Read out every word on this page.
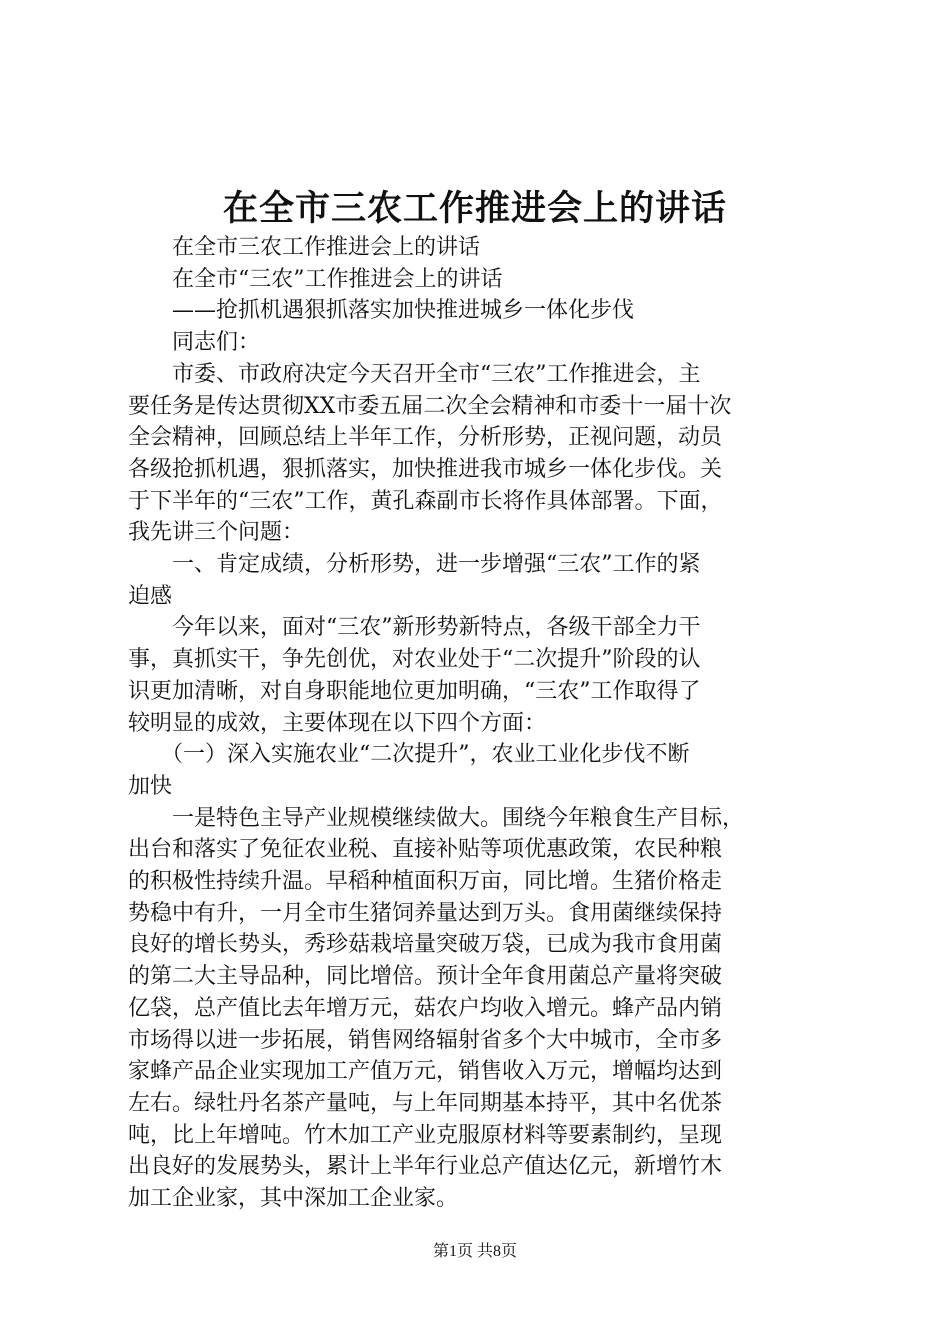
在全市三农工作推进会上的讲话
　　在全市三农工作推进会上的讲话
　　在全市“三农”工作推进会上的讲话
　　——抢抓机遇狠抓落实加快推进城乡一体化步伐
　　同志们：
　　市委、市政府决定今天召开全市“三农”工作推进会，主
要任务是传达贯彻XX市委五届二次全会精神和市委十一届十次
全会精神，回顾总结上半年工作，分析形势，正视问题，动员
各级抢抓机遇，狠抓落实，加快推进我市城乡一体化步伐。关
于下半年的“三农”工作，黄孔森副市长将作具体部署。下面，
我先讲三个问题：
　　一、肯定成绩，分析形势，进一步增强“三农”工作的紧
迫感
　　今年以来，面对“三农”新形势新特点，各级干部全力干
事，真抓实干，争先创优，对农业处于“二次提升”阶段的认
识更加清晰，对自身职能地位更加明确，“三农”工作取得了
较明显的成效，主要体现在以下四个方面：
　　（一）深入实施农业“二次提升”，农业工业化步伐不断
加快
　　一是特色主导产业规模继续做大。围绕今年粮食生产目标，
出台和落实了免征农业税、直接补贴等项优惠政策，农民种粮
的积极性持续升温。早稻种植面积万亩，同比增。生猪价格走
势稳中有升，一月全市生猪饲养量达到万头。食用菌继续保持
良好的增长势头，秀珍菇栽培量突破万袋，已成为我市食用菌
的第二大主导品种，同比增倍。预计全年食用菌总产量将突破
亿袋，总产值比去年增万元，菇农户均收入增元。蜂产品内销
市场得以进一步拓展，销售网络辐射省多个大中城市，全市多
家蜂产品企业实现加工产值万元，销售收入万元，增幅均达到
左右。绿牡丹名茶产量吨，与上年同期基本持平，其中名优茶
吨，比上年增吨。竹木加工产业克服原材料等要素制约，呈现
出良好的发展势头，累计上半年行业总产值达亿元，新增竹木
加工企业家，其中深加工企业家。
第1页 共8页
